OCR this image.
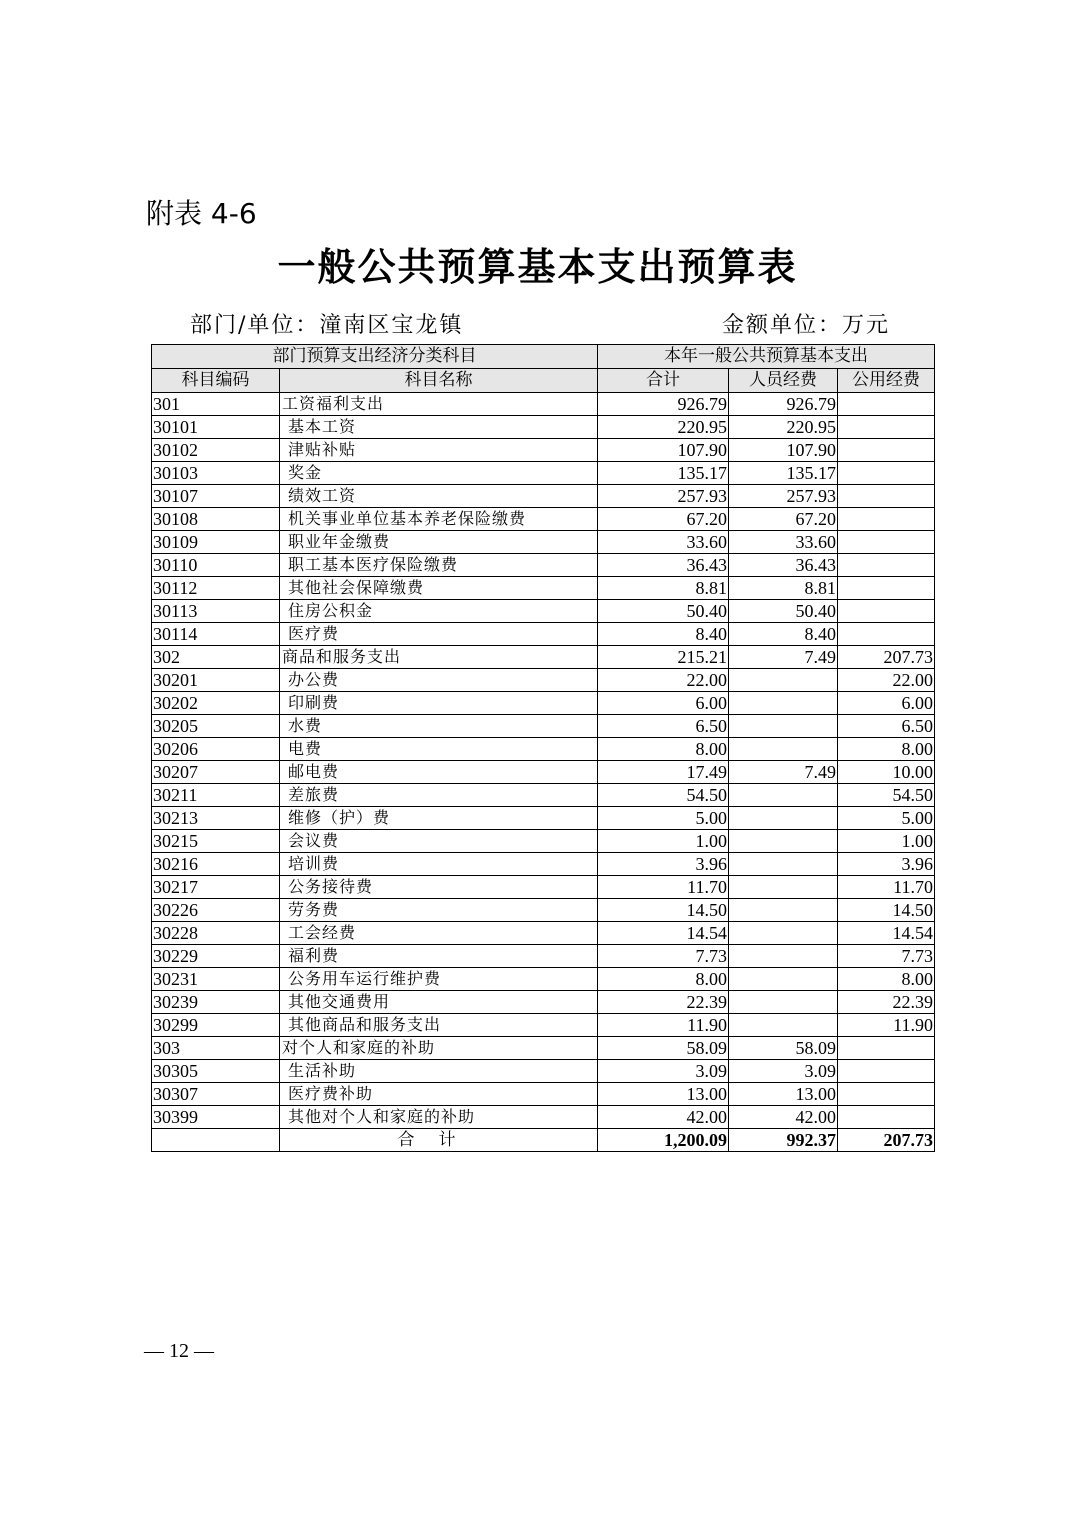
附表 4-6
一般公共预算基本支出预算表
部门/单位：潼南区宝龙镇	金额单位：万元
部门预算支出经济分类科目		本年一般公共预算基本支出		
科目编码	科目名称	合计	人员经费	公用经费
301	工资福利支出	926.79	926.79	
30101	基本工资	220.95	220.95	
30102	津贴补贴	107.90	107.90	
30103	奖金	135.17	135.17	
30107	绩效工资	257.93	257.93	
30108	机关事业单位基本养老保险缴费	67.20	67.20	
30109	职业年金缴费	33.60	33.60	
30110	职工基本医疗保险缴费	36.43	36.43	
30112	其他社会保障缴费	8.81	8.81	
30113	住房公积金	50.40	50.40	
30114	医疗费	8.40	8.40	
302	商品和服务支出	215.21	7.49	207.73
30201	办公费	22.00		22.00
30202	印刷费	6.00		6.00
30205	水费	6.50		6.50
30206	电费	8.00		8.00
30207	邮电费	17.49	7.49	10.00
30211	差旅费	54.50		54.50
30213	维修（护）费	5.00		5.00
30215	会议费	1.00		1.00
30216	培训费	3.96		3.96
30217	公务接待费	11.70		11.70
30226	劳务费	14.50		14.50
30228	工会经费	14.54		14.54
30229	福利费	7.73		7.73
30231	公务用车运行维护费	8.00		8.00
30239	其他交通费用	22.39		22.39
30299	其他商品和服务支出	11.90		11.90
303	对个人和家庭的补助	58.09	58.09	
30305	生活补助	3.09	3.09	
30307	医疗费补助	13.00	13.00	
30399	其他对个人和家庭的补助	42.00	42.00	
	合计	1,200.09	992.37	207.73
— 12 —
